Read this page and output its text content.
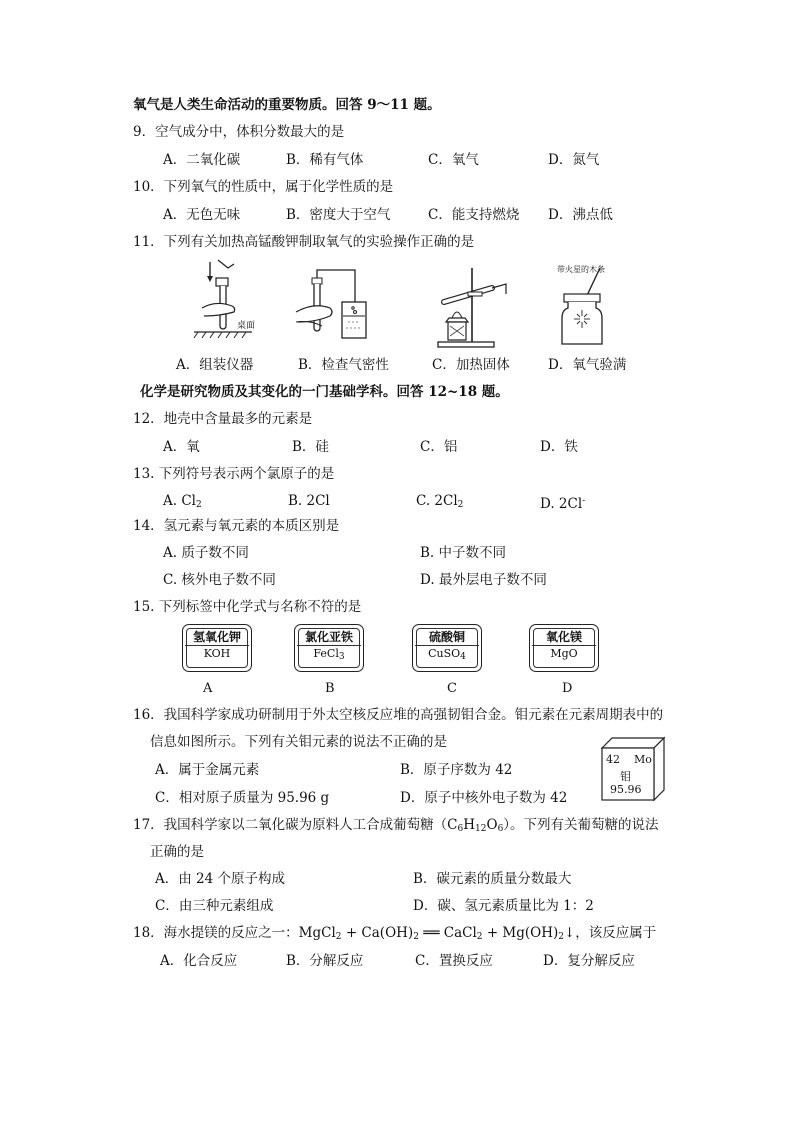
氧气是人类生命活动的重要物质。回答 9～11 题。
9．空气成分中，体积分数最大的是
A．二氧化碳	B．稀有气体	C．氧气	D．氮气
10．下列氧气的性质中，属于化学性质的是
A．无色无味	B．密度大于空气	C．能支持燃烧 D．沸点低
11．下列有关加热高锰酸钾制取氧气的实验操作正确的是
桌面
带火星的木条
A．组装仪器	B．检查气密性	C．加热固体	D．氧气验满
化学是研究物质及其变化的一门基础学科。回答 12~18 题。
12．地壳中含量最多的元素是
A．氧	B．硅	C．铝	D．铁
13. 下列符号表示两个氯原子的是
A. $Cl_2$	B. 2Cl	C. $2Cl_2$	D. 2Cl-
14．氢元素与氧元素的本质区别是
A. 质子数不同	B. 中子数不同
C. 核外电子数不同	D. 最外层电子数不同
15. 下列标签中化学式与名称不符的是
氢氧化钾
KOH
氯化亚铁
FeCl$_3$
硫酸铜
CuSO$_4$
氧化镁
MgO
A	B	C	D
16．我国科学家成功研制用于外太空核反应堆的高强韧钼合金。钼元素在元素周期表中的
信息如图所示。下列有关钼元素的说法不正确的是
A．属于金属元素	B．原子序数为 42
C．相对原子质量为 95.96 g	D．原子中核外电子数为 42
42 Mo
钼
95.96
17．我国科学家以二氧化碳为原料人工合成葡萄糖$(C_6H_{12}O_6)$。下列有关葡萄糖的说法
正确的是
A．由 24 个原子构成	B．碳元素的质量分数最大
C．由三种元素组成	D．碳、氢元素质量比为 1：2
18．海水提镁的反应之一：MgCl$_2$ + $Ca(OH)_2$ ══ CaCl$_2$ + $Mg(OH)_2↓$，该反应属于
A．化合反应	B．分解反应	C．置换反应	D．复分解反应
